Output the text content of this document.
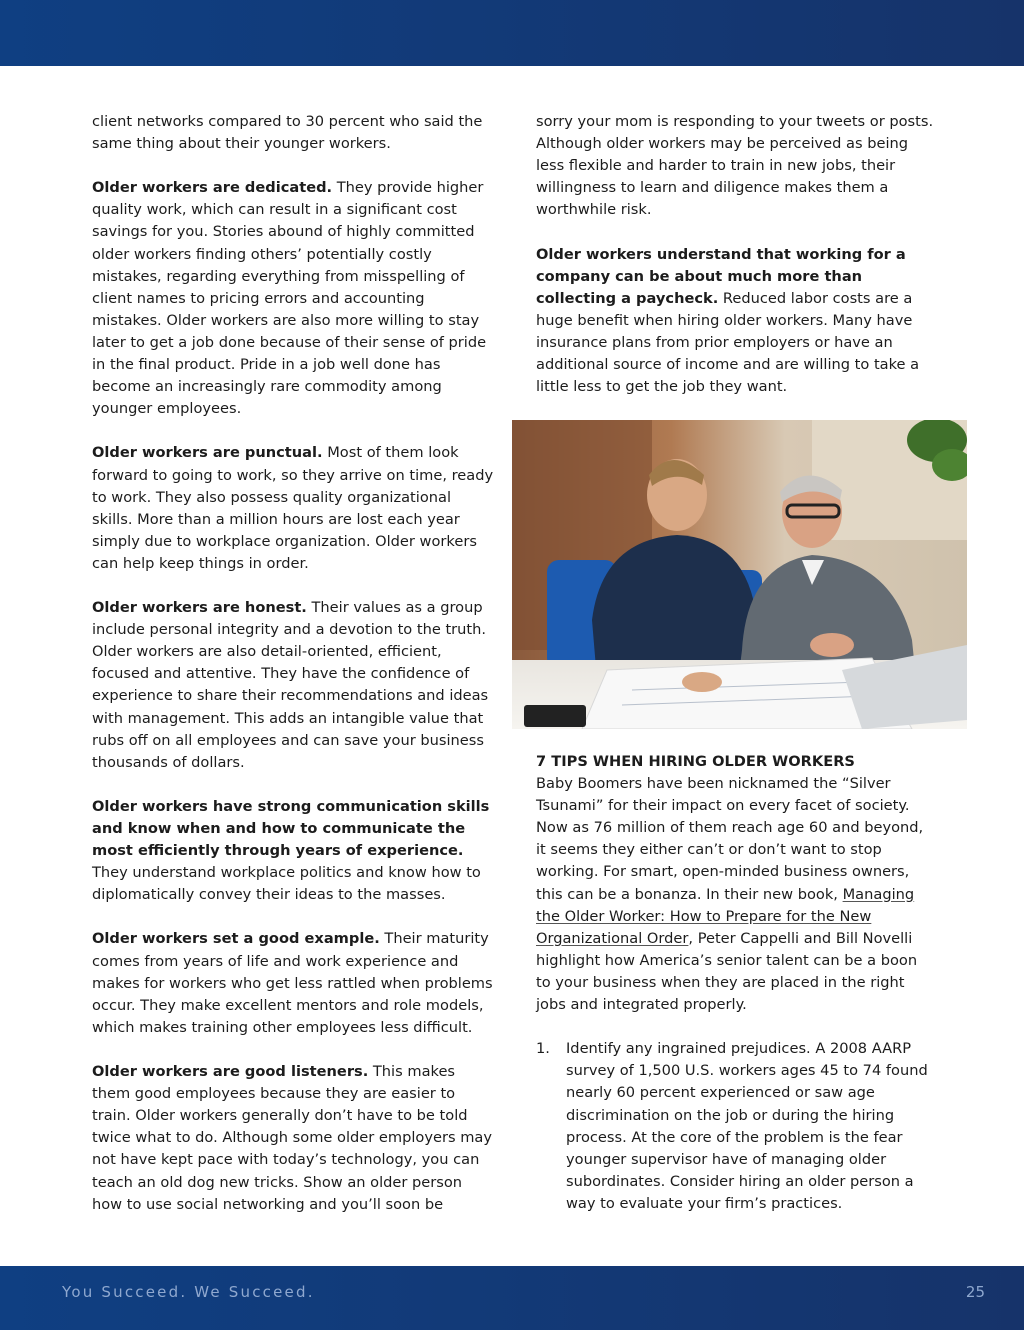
client networks compared to 30 percent who said the same thing about their younger workers.

Older workers are dedicated. They provide higher quality work, which can result in a significant cost savings for you. Stories abound of highly committed older workers finding others’ potentially costly mistakes, regarding everything from misspelling of client names to pricing errors and accounting mistakes. Older workers are also more willing to stay later to get a job done because of their sense of pride in the final product. Pride in a job well done has become an increasingly rare commodity among younger employees.

Older workers are punctual. Most of them look forward to going to work, so they arrive on time, ready to work. They also possess quality organizational skills. More than a million hours are lost each year simply due to workplace organization. Older workers can help keep things in order.

Older workers are honest. Their values as a group include personal integrity and a devotion to the truth. Older workers are also detail-oriented, efficient, focused and attentive. They have the confidence of experience to share their recommendations and ideas with management. This adds an intangible value that rubs off on all employees and can save your business thousands of dollars.

Older workers have strong communication skills and know when and how to communicate the most efficiently through years of experience. They understand workplace politics and know how to diplomatically convey their ideas to the masses.

Older workers set a good example. Their maturity comes from years of life and work experience and makes for workers who get less rattled when problems occur. They make excellent mentors and role models, which makes training other employees less difficult.

Older workers are good listeners. This makes them good employees because they are easier to train. Older workers generally don’t have to be told twice what to do. Although some older employers may not have kept pace with today’s technology, you can teach an old dog new tricks. Show an older person how to use social networking and you’ll soon be

sorry your mom is responding to your tweets or posts. Although older workers may be perceived as being less flexible and harder to train in new jobs, their willingness to learn and diligence makes them a worthwhile risk.

Older workers understand that working for a company can be about much more than collecting a paycheck. Reduced labor costs are a huge benefit when hiring older workers. Many have insurance plans from prior employers or have an additional source of income and are willing to take a little less to get the job they want.

7 TIPS WHEN HIRING OLDER WORKERS
Baby Boomers have been nicknamed the “Silver Tsunami” for their impact on every facet of society. Now as 76 million of them reach age 60 and beyond, it seems they either can’t or don’t want to stop working. For smart, open-minded business owners, this can be a bonanza. In their new book, Managing the Older Worker: How to Prepare for the New Organizational Order, Peter Cappelli and Bill Novelli highlight how America’s senior talent can be a boon to your business when they are placed in the right jobs and integrated properly.

1. Identify any ingrained prejudices. A 2008 AARP survey of 1,500 U.S. workers ages 45 to 74 found nearly 60 percent experienced or saw age discrimination on the job or during the hiring process. At the core of the problem is the fear younger supervisor have of managing older subordinates. Consider hiring an older person a way to evaluate your firm’s practices.
You Succeed. We Succeed.	25
